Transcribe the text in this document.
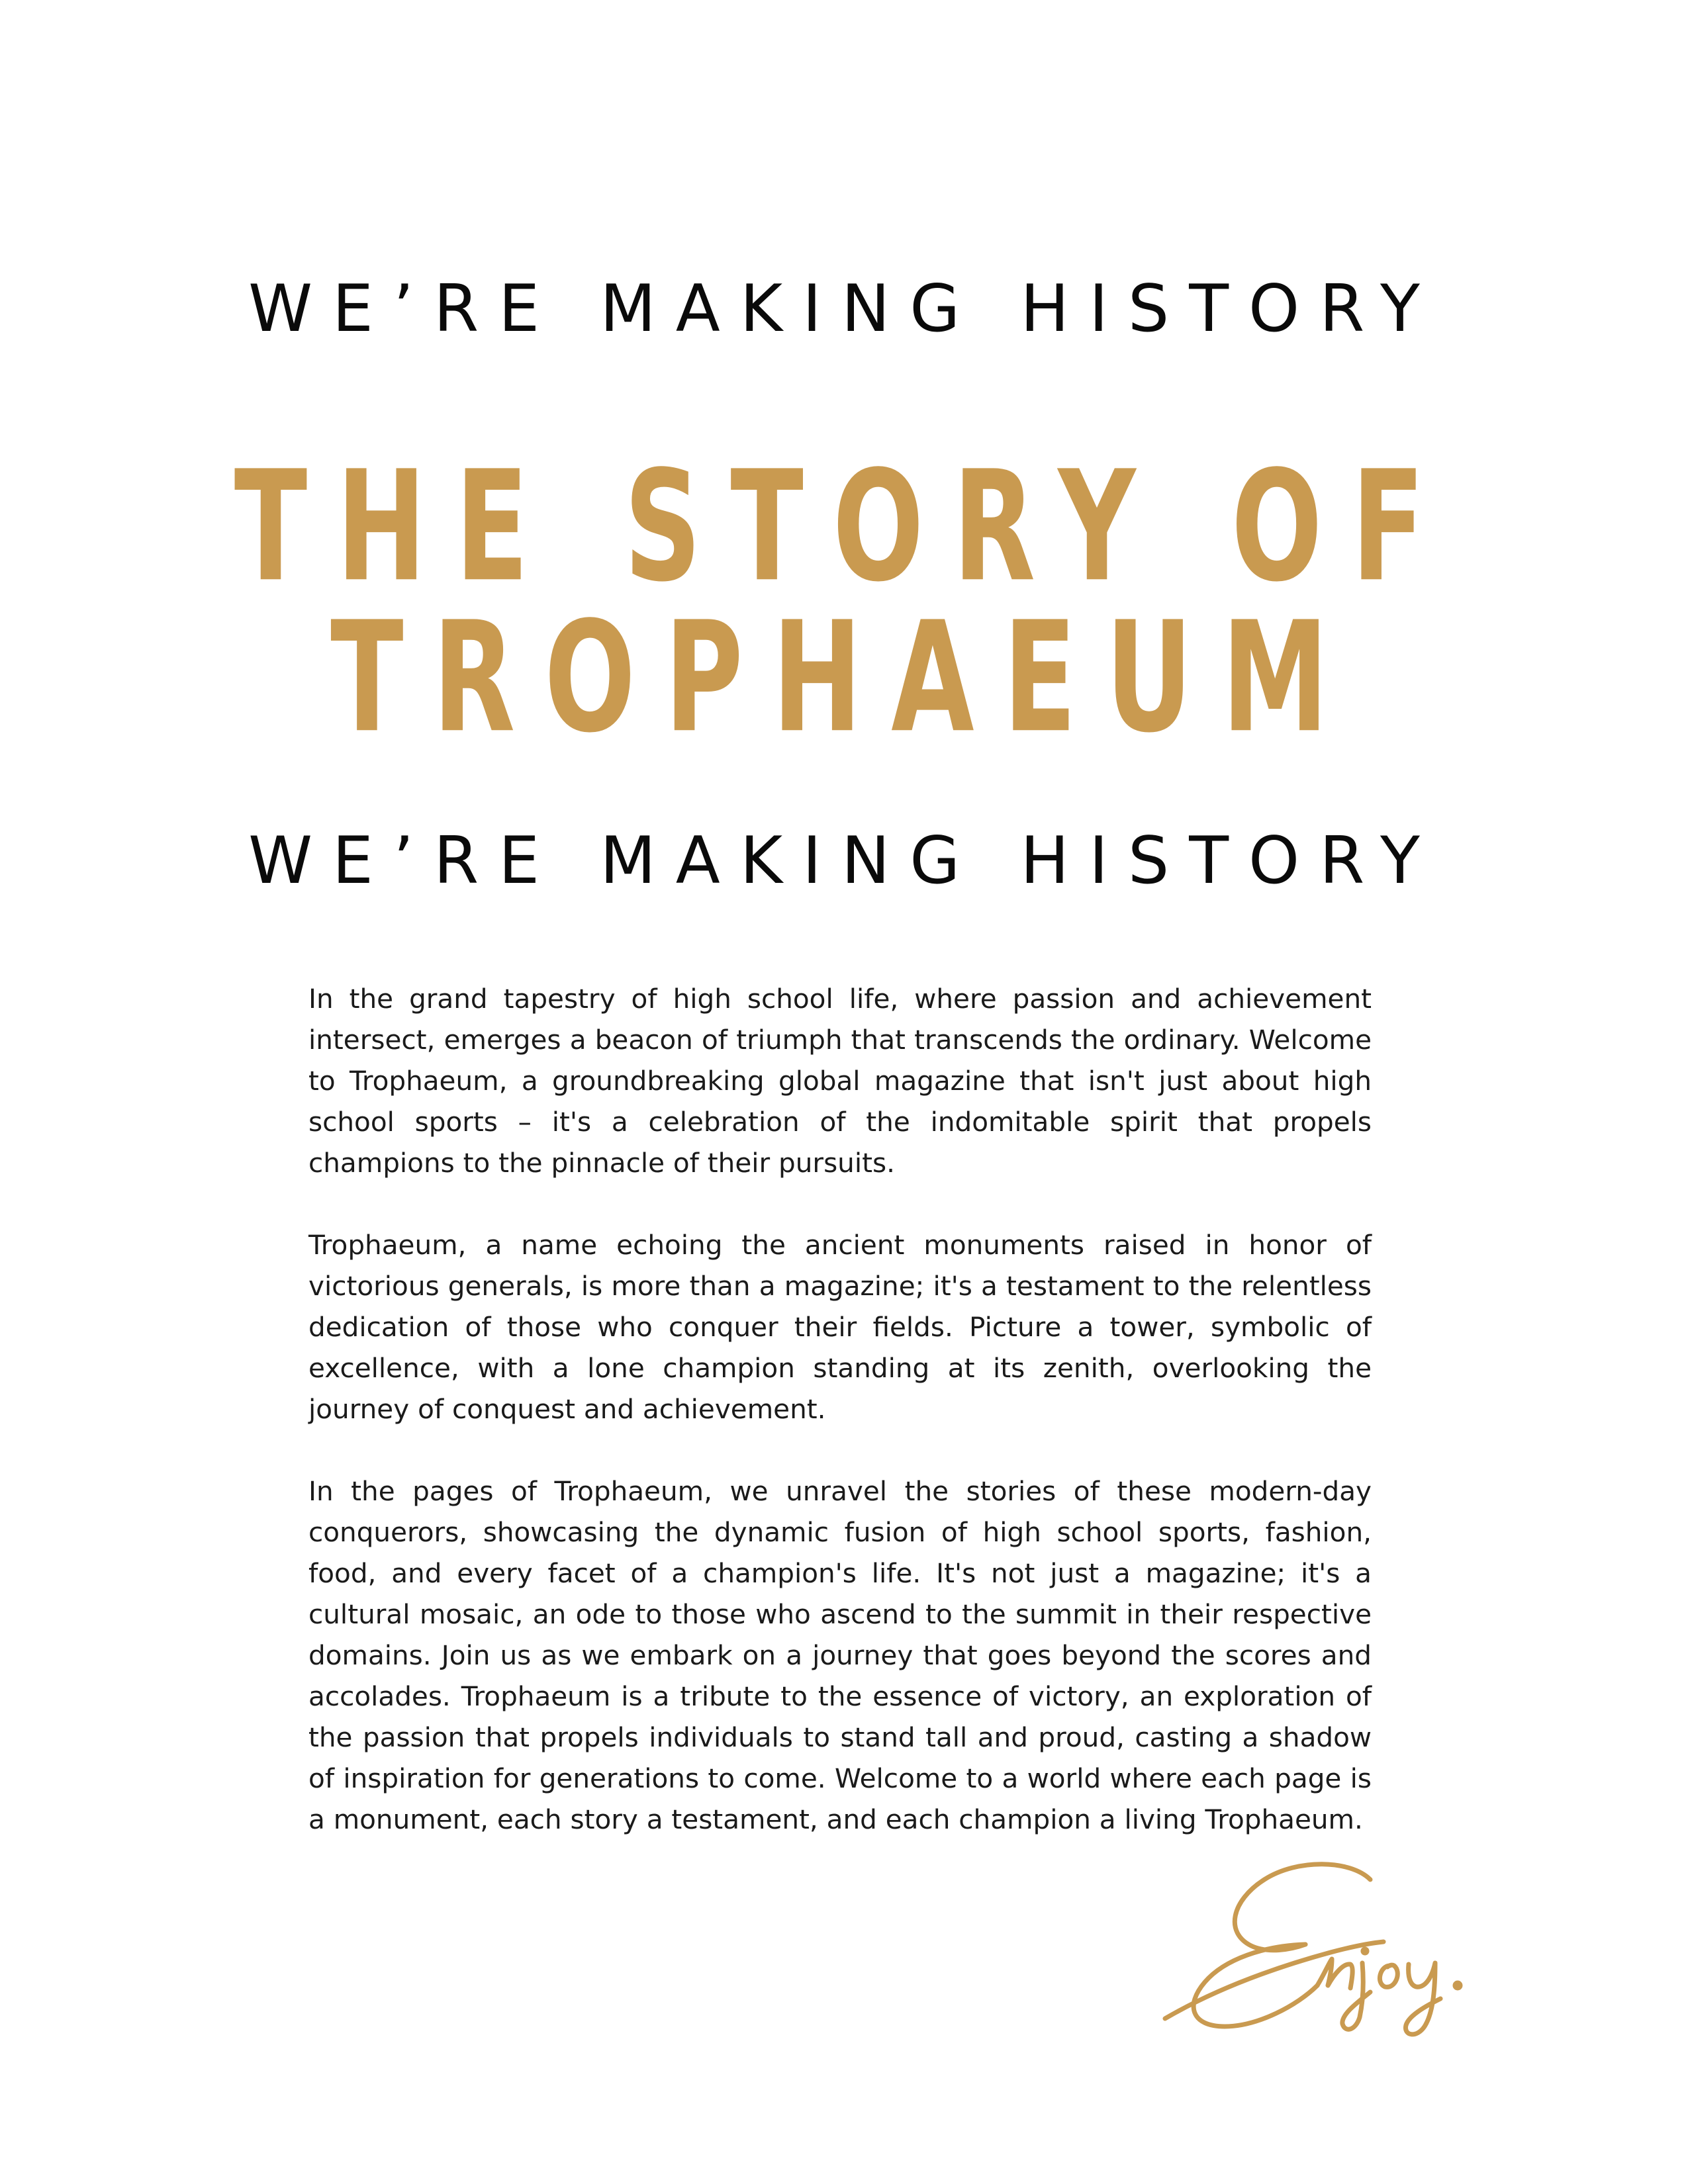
WE’RE MAKING HISTORY
THE STORY OF
TROPHAEUM
WE’RE MAKING HISTORY

In the grand tapestry of high school life, where passion and achievement intersect, emerges a beacon of triumph that transcends the ordinary. Welcome to Trophaeum, a groundbreaking global magazine that isn't just about high school sports – it's a celebration of the indomitable spirit that propels champions to the pinnacle of their pursuits.

Trophaeum, a name echoing the ancient monuments raised in honor of victorious generals, is more than a magazine; it's a testament to the relentless dedication of those who conquer their fields. Picture a tower, symbolic of excellence, with a lone champion standing at its zenith, overlooking the journey of conquest and achievement.

In the pages of Trophaeum, we unravel the stories of these modern-day conquerors, showcasing the dynamic fusion of high school sports, fashion, food, and every facet of a champion's life. It's not just a magazine; it's a cultural mosaic, an ode to those who ascend to the summit in their respective domains. Join us as we embark on a journey that goes beyond the scores and accolades. Trophaeum is a tribute to the essence of victory, an exploration of the passion that propels individuals to stand tall and proud, casting a shadow of inspiration for generations to come. Welcome to a world where each page is a monument, each story a testament, and each champion a living Trophaeum.
